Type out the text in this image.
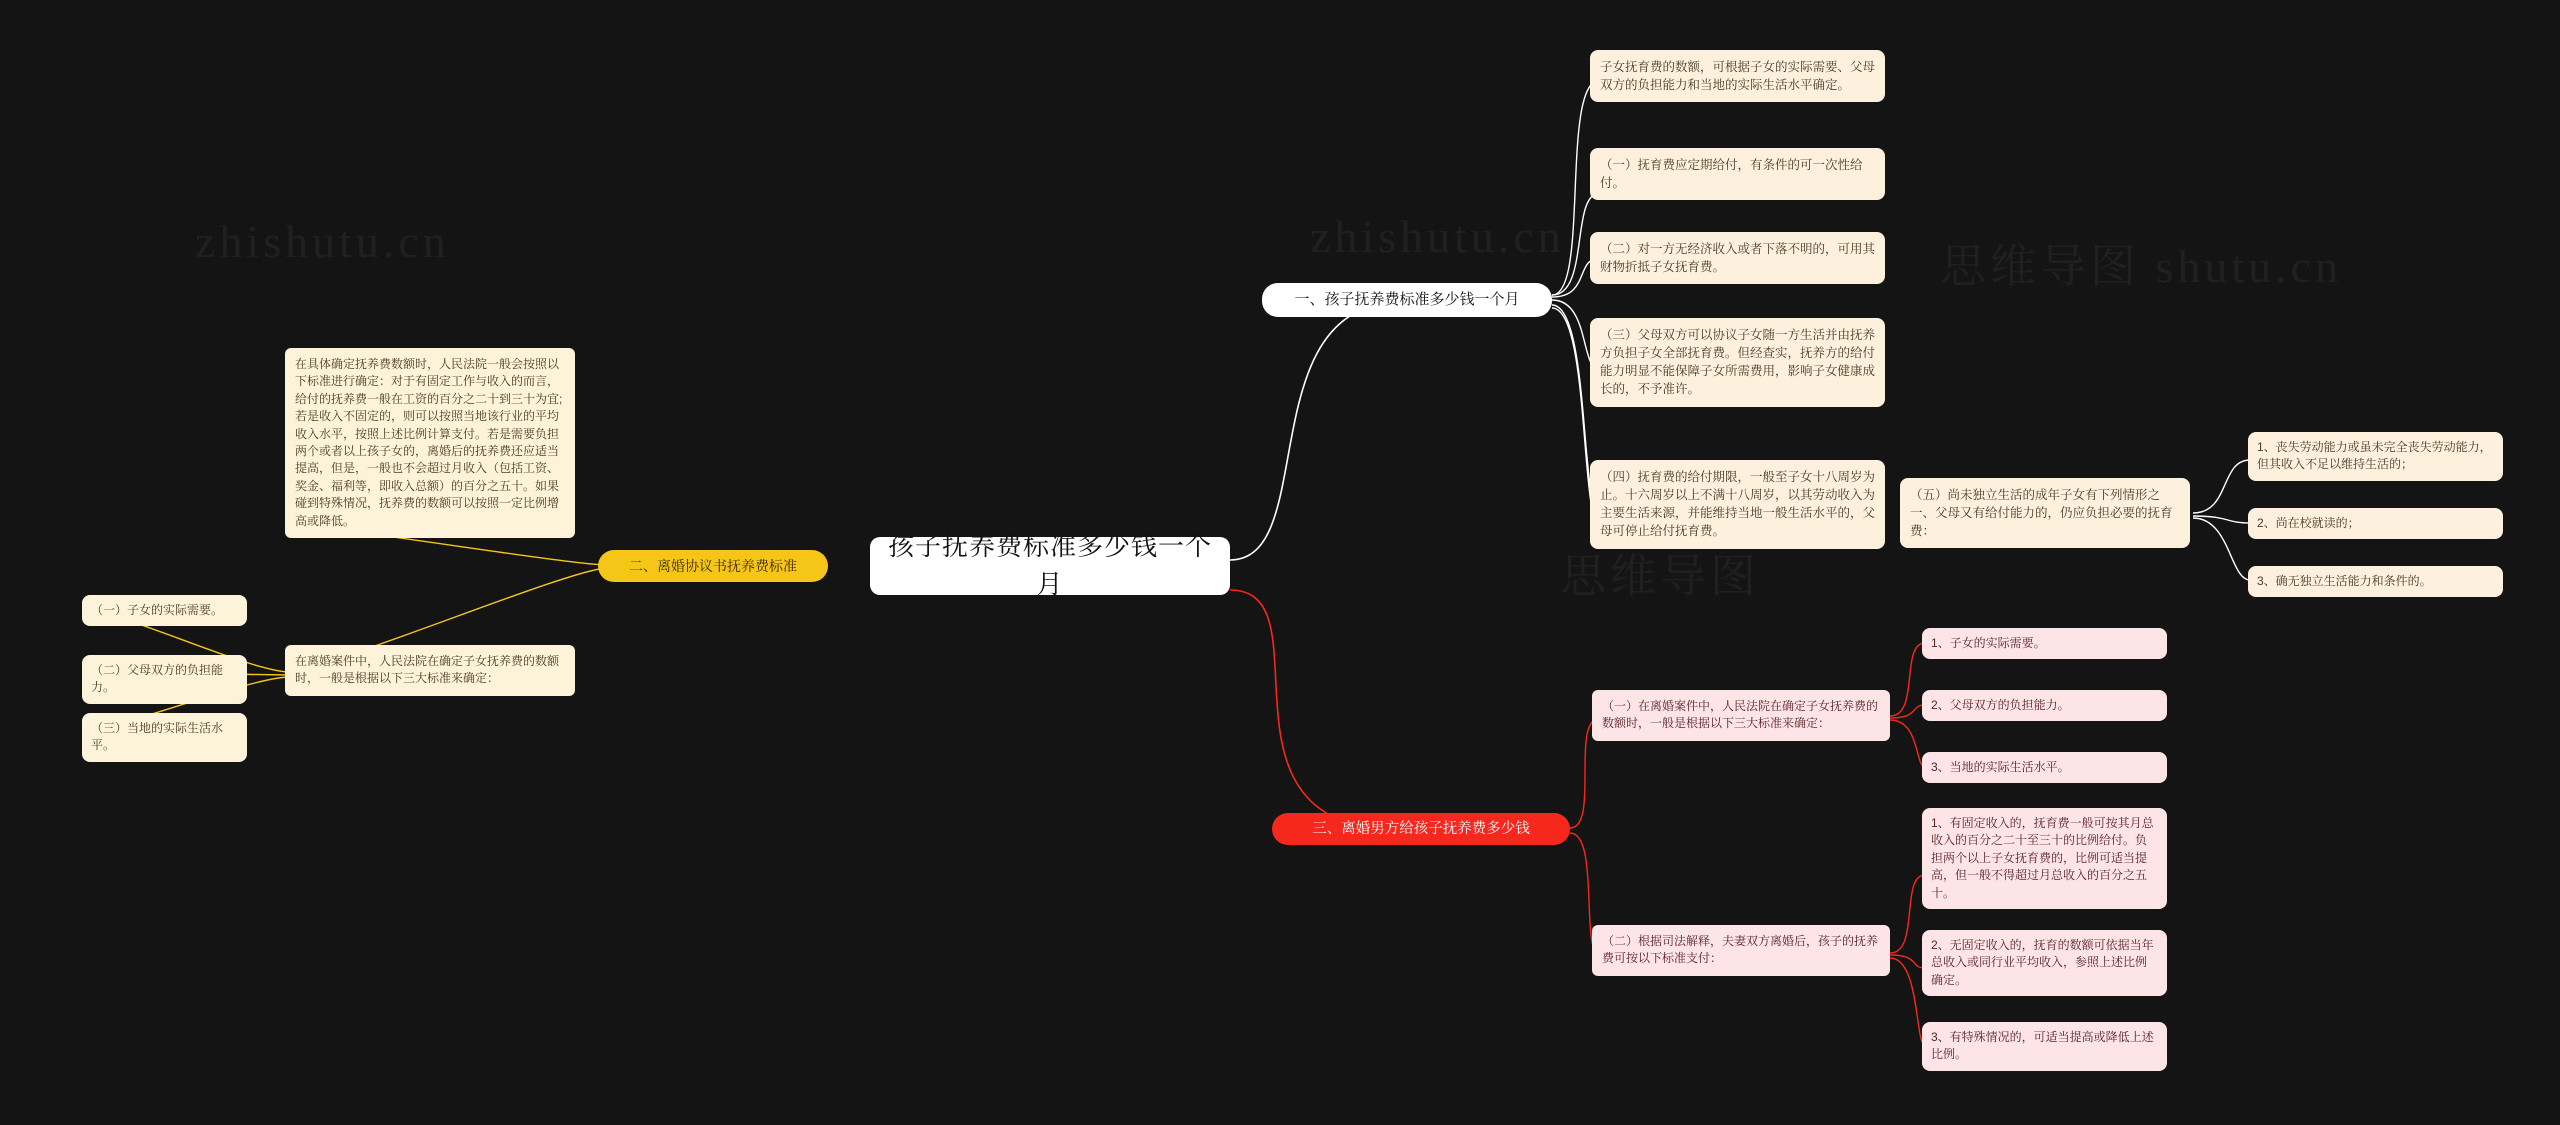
zhishutu.cn	zhishutu.cn
思维导图 shutu.cn
思维导图
孩子抚养费标准多少钱一个月
一、孩子抚养费标准多少钱一个月
子女抚育费的数额，可根据子女的实际需要、父母双方的负担能力和当地的实际生活水平确定。
（一）抚育费应定期给付，有条件的可一次性给付。
（二）对一方无经济收入或者下落不明的，可用其财物折抵子女抚育费。
（三）父母双方可以协议子女随一方生活并由抚养方负担子女全部抚育费。但经查实，抚养方的给付能力明显不能保障子女所需费用，影响子女健康成长的，不予准许。
（四）抚育费的给付期限，一般至子女十八周岁为止。十六周岁以上不满十八周岁，以其劳动收入为主要生活来源，并能维持当地一般生活水平的，父母可停止给付抚育费。
（五）尚未独立生活的成年子女有下列情形之一、父母又有给付能力的，仍应负担必要的抚育费：
1、丧失劳动能力或虽未完全丧失劳动能力，但其收入不足以维持生活的；
2、尚在校就读的；
3、确无独立生活能力和条件的。
二、离婚协议书抚养费标准
在具体确定抚养费数额时，人民法院一般会按照以下标准进行确定：对于有固定工作与收入的而言，给付的抚养费一般在工资的百分之二十到三十为宜;若是收入不固定的，则可以按照当地该行业的平均收入水平，按照上述比例计算支付。若是需要负担两个或者以上孩子女的，离婚后的抚养费还应适当提高，但是，一般也不会超过月收入（包括工资、奖金、福利等，即收入总额）的百分之五十。如果碰到特殊情况，抚养费的数额可以按照一定比例增高或降低。
在离婚案件中，人民法院在确定子女抚养费的数额时，一般是根据以下三大标准来确定：
（一）子女的实际需要。
（二）父母双方的负担能力。
（三）当地的实际生活水平。
三、离婚男方给孩子抚养费多少钱
（一）在离婚案件中，人民法院在确定子女抚养费的数额时，一般是根据以下三大标准来确定：
（二）根据司法解释，夫妻双方离婚后，孩子的抚养费可按以下标准支付：
1、子女的实际需要。
2、父母双方的负担能力。
3、当地的实际生活水平。
1、有固定收入的，抚育费一般可按其月总收入的百分之二十至三十的比例给付。负担两个以上子女抚育费的，比例可适当提高，但一般不得超过月总收入的百分之五十。
2、无固定收入的，抚育的数额可依据当年总收入或同行业平均收入，参照上述比例确定。
3、有特殊情况的，可适当提高或降低上述比例。
